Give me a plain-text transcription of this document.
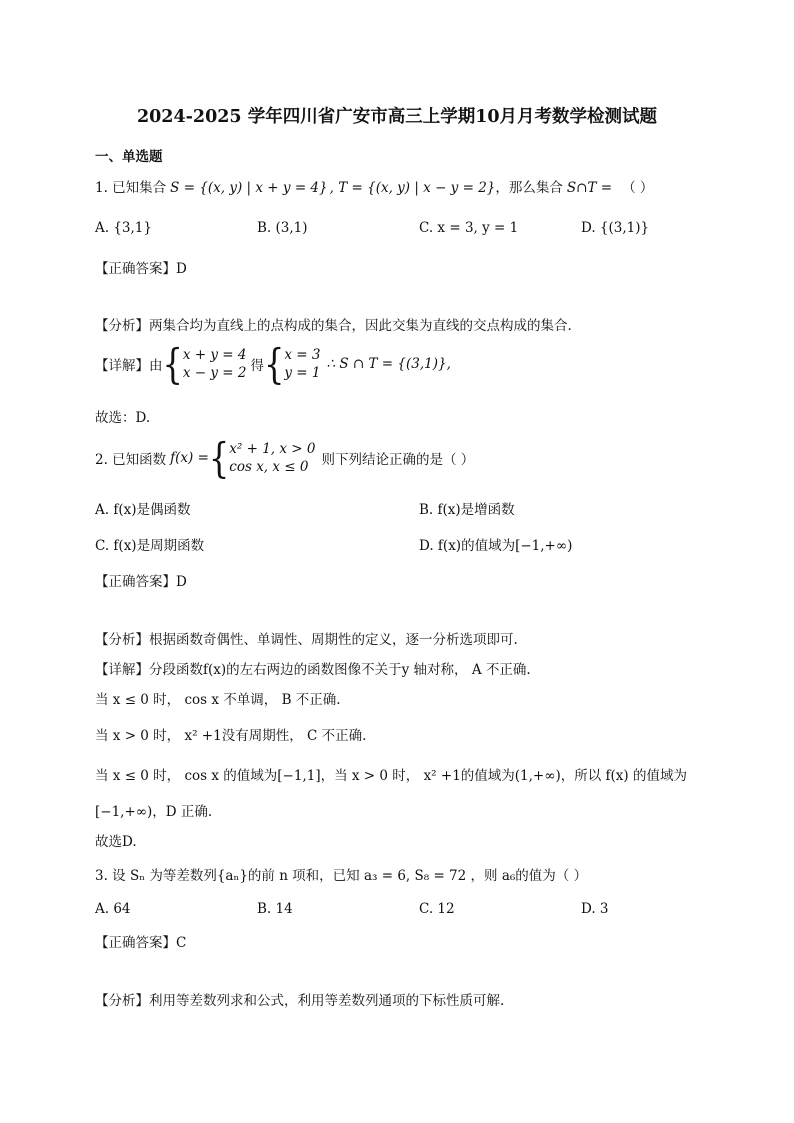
2024-2025 学年四川省广安市高三上学期10月月考数学检测试题
一、单选题
1. 已知集合 S = {(x, y) | x + y = 4} , T = {(x, y) | x − y = 2}，那么集合 S∩T = （ ）
A. {3,1}	B. (3,1)	C. x = 3, y = 1	D. {(3,1)}
【正确答案】D
【分析】两集合均为直线上的点构成的集合，因此交集为直线的交点构成的集合.
【详解】由{ x + y = 4
x − y = 2 得{ x = 3
y = 1
∴ S ∩ T = {(3,1)},
故选：D.
2. 已知函数 f(x) ={ x² + 1, x > 0
cos x, x ≤ 0 则下列结论正确的是（ ）
A. f(x)是偶函数	B. f(x)是增函数
C. f(x)是周期函数	D. f(x)的值域为[−1,+∞)
【正确答案】D
【分析】根据函数奇偶性、单调性、周期性的定义，逐一分析选项即可.
【详解】分段函数f(x)的左右两边的函数图像不关于y 轴对称， A 不正确.
当 x ≤ 0 时， cos x 不单调， B 不正确.
当 x > 0 时， x² +1没有周期性， C 不正确.
当 x ≤ 0 时， cos x 的值域为[−1,1]，当 x > 0 时， x² +1的值域为(1,+∞)，所以 f(x) 的值域为
[−1,+∞)，D 正确.
故选D.
3. 设 Sₙ 为等差数列{aₙ}的前 n 项和，已知 a₃ = 6, S₈ = 72 ，则 a₆的值为（ ）
A. 64	B. 14	C. 12	D. 3
【正确答案】C
【分析】利用等差数列求和公式，利用等差数列通项的下标性质可解.
